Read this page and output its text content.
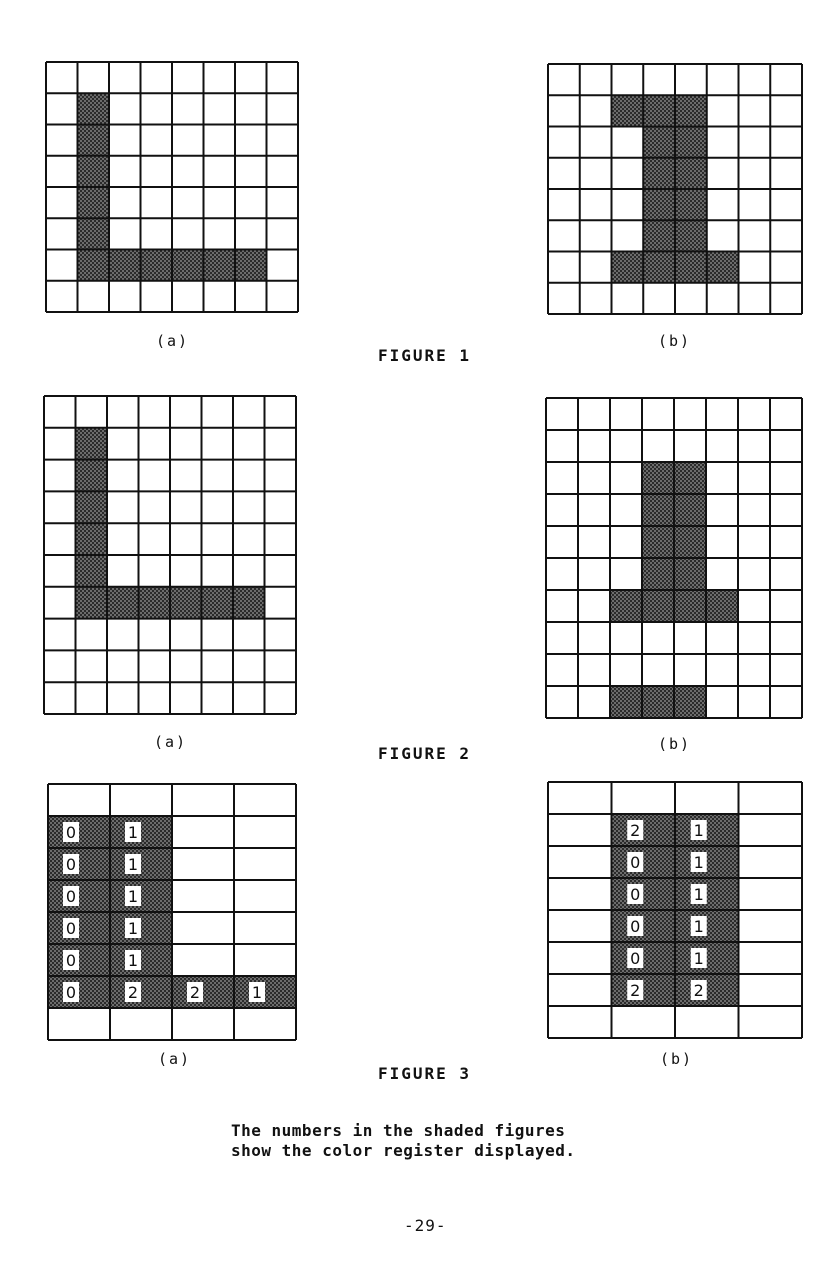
0	1
0	1
0	1
0	1
0	1
0	2	2	1
2	1
0	1
0	1
0	1
0	1
2	2
(a)	(b)
FIGURE 1
(a)	(b)
FIGURE 2
(a)	(b)
FIGURE 3
The numbers in the shaded figures
show the color register displayed.
-29-
